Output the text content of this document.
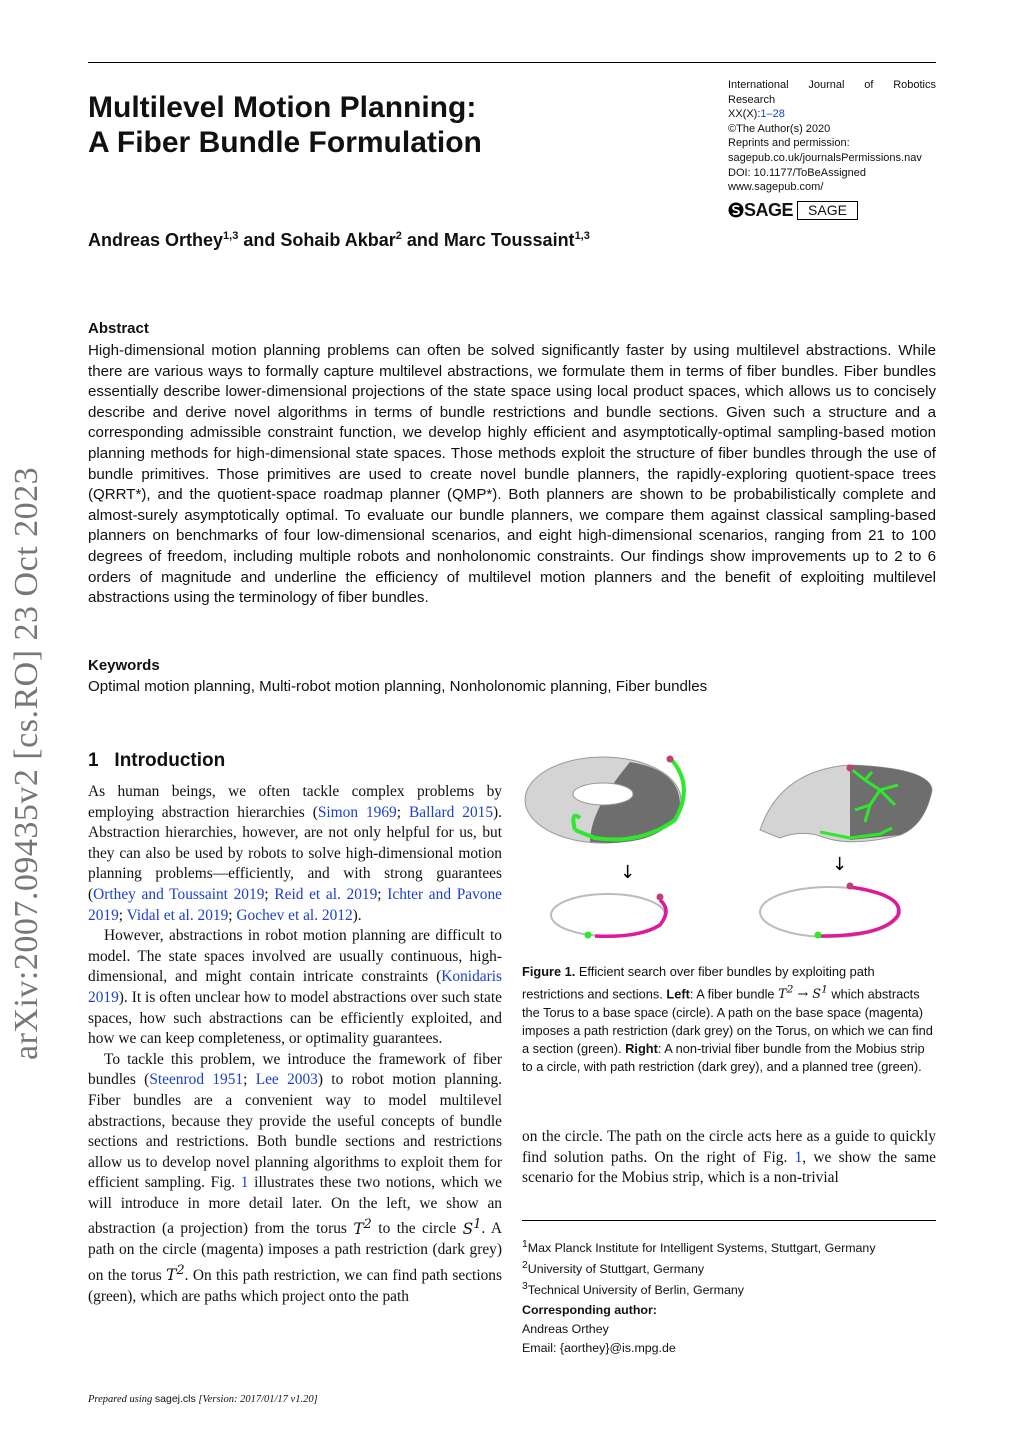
arXiv:2007.09435v2 [cs.RO] 23 Oct 2023
Multilevel Motion Planning:
A Fiber Bundle Formulation
International Journal of Robotics
Research
XX(X):1–28
©The Author(s) 2020
Reprints and permission:
sagepub.co.uk/journalsPermissions.nav
DOI: 10.1177/ToBeAssigned
www.sagepub.com/
SAGE	SAGE
Andreas Orthey$^{1,3}$ and Sohaib Akbar$^2$ and Marc Toussaint$^{1,3}$
Abstract
High-dimensional motion planning problems can often be solved significantly faster by using multilevel abstractions. While there are various ways to formally capture multilevel abstractions, we formulate them in terms of fiber bundles. Fiber bundles essentially describe lower-dimensional projections of the state space using local product spaces, which allows us to concisely describe and derive novel algorithms in terms of bundle restrictions and bundle sections. Given such a structure and a corresponding admissible constraint function, we develop highly efficient and asymptotically-optimal sampling-based motion planning methods for high-dimensional state spaces. Those methods exploit the structure of fiber bundles through the use of bundle primitives. Those primitives are used to create novel bundle planners, the rapidly-exploring quotient-space trees (QRRT*), and the quotient-space roadmap planner (QMP*). Both planners are shown to be probabilistically complete and almost-surely asymptotically optimal. To evaluate our bundle planners, we compare them against classical sampling-based planners on benchmarks of four low-dimensional scenarios, and eight high-dimensional scenarios, ranging from 21 to 100 degrees of freedom, including multiple robots and nonholonomic constraints. Our findings show improvements up to 2 to 6 orders of magnitude and underline the efficiency of multilevel motion planners and the benefit of exploiting multilevel abstractions using the terminology of fiber bundles.
Keywords
Optimal motion planning, Multi-robot motion planning, Nonholonomic planning, Fiber bundles
1 Introduction

As human beings, we often tackle complex problems by employing abstraction hierarchies (Simon 1969; Ballard 2015). Abstraction hierarchies, however, are not only helpful for us, but they can also be used by robots to solve high-dimensional motion planning problems—efficiently, and with strong guarantees (Orthey and Toussaint 2019; Reid et al. 2019; Ichter and Pavone 2019; Vidal et al. 2019; Gochev et al. 2012).

However, abstractions in robot motion planning are difficult to model. The state spaces involved are usually continuous, high-dimensional, and might contain intricate constraints (Konidaris 2019). It is often unclear how to model abstractions over such state spaces, how such abstractions can be efficiently exploited, and how we can keep completeness, or optimality guarantees.

To tackle this problem, we introduce the framework of fiber bundles (Steenrod 1951; Lee 2003) to robot motion planning. Fiber bundles are a convenient way to model multilevel abstractions, because they provide the useful concepts of bundle sections and restrictions. Both bundle sections and restrictions allow us to develop novel planning algorithms to exploit them for efficient sampling. Fig. 1 illustrates these two notions, which we will introduce in more detail later. On the left, we show an abstraction (a projection) from the torus $T^2$ to the circle $S^1$. A path on the circle (magenta) imposes a path restriction (dark grey) on the torus $T^2$. On this path restriction, we can find path sections (green), which are paths which project onto the path

↓	↓
Figure 1. Efficient search over fiber bundles by exploiting path restrictions and sections. Left: A fiber bundle $T^2 \to S^1$ which abstracts the Torus to a base space (circle). A path on the base space (magenta) imposes a path restriction (dark grey) on the Torus, on which we can find a section (green). Right: A non-trivial fiber bundle from the Mobius strip to a circle, with path restriction (dark grey), and a planned tree (green).
on the circle. The path on the circle acts here as a guide to quickly find solution paths. On the right of Fig. 1, we show the same scenario for the Mobius strip, which is a non-trivial
$^1$Max Planck Institute for Intelligent Systems, Stuttgart, Germany
$^2$University of Stuttgart, Germany
$^3$Technical University of Berlin, Germany
Corresponding author:
Andreas Orthey
Email: {aorthey}@is.mpg.de
Prepared using sagej.cls [Version: 2017/01/17 v1.20]
